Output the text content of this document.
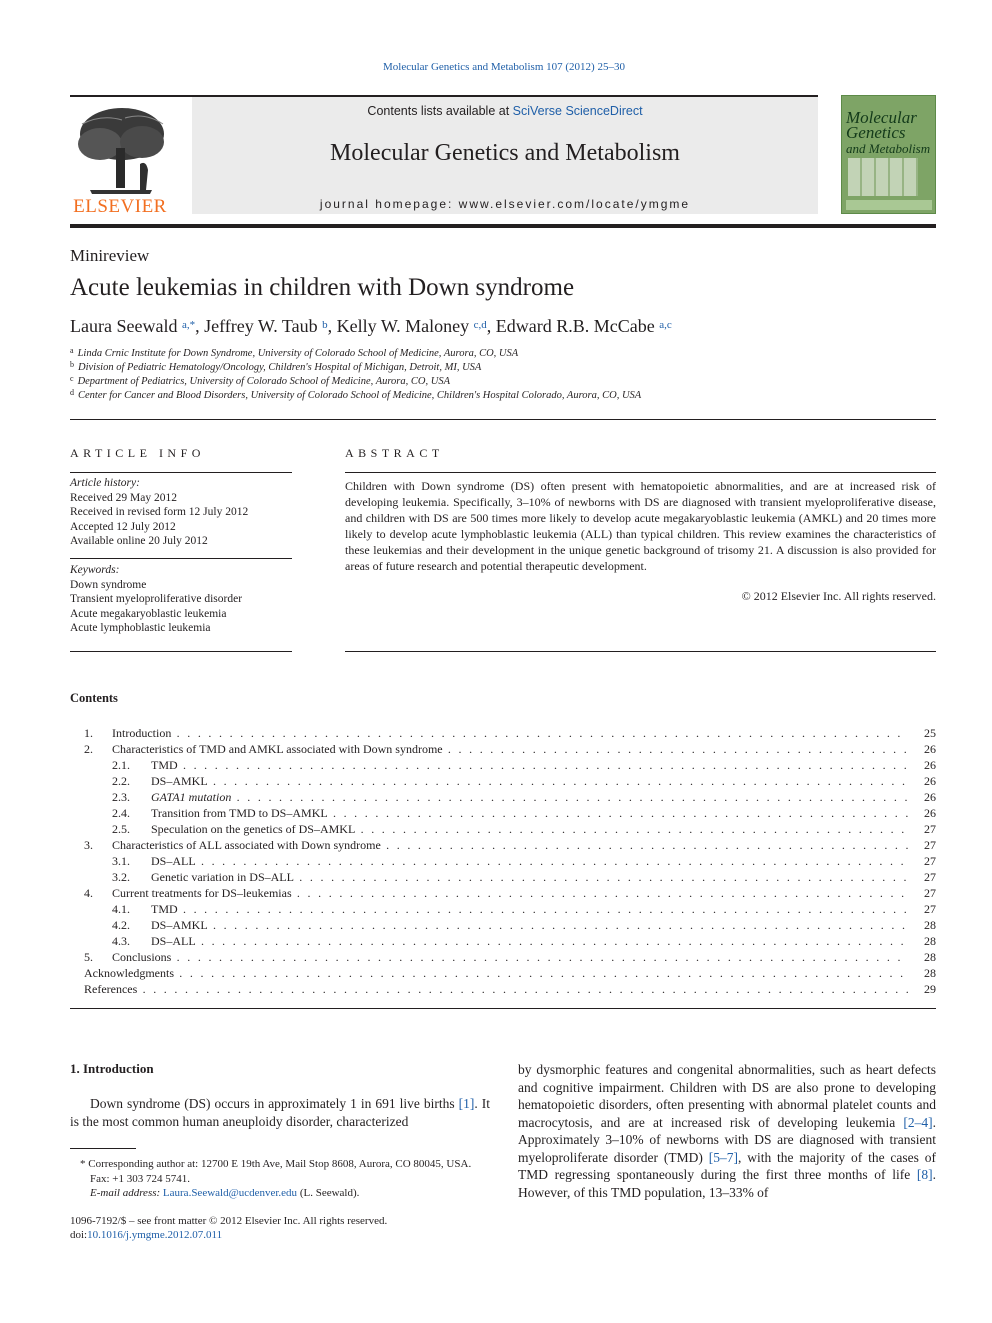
Molecular Genetics and Metabolism 107 (2012) 25–30
Contents lists available at SciVerse ScienceDirect
Molecular Genetics and Metabolism
journal homepage: www.elsevier.com/locate/ymgme
ELSEVIER
Molecular Genetics
and Metabolism
Minireview
Acute leukemias in children with Down syndrome
Laura Seewald $^{a,*}$, Jeffrey W. Taub $^b$, Kelly W. Maloney $^{c,d}$, Edward R.B. McCabe $^{a,c}$
$^a$ Linda Crnic Institute for Down Syndrome, University of Colorado School of Medicine, Aurora, CO, USA
$^b$ Division of Pediatric Hematology/Oncology, Children's Hospital of Michigan, Detroit, MI, USA
$^c$ Department of Pediatrics, University of Colorado School of Medicine, Aurora, CO, USA
$^d$ Center for Cancer and Blood Disorders, University of Colorado School of Medicine, Children's Hospital Colorado, Aurora, CO, USA
ARTICLE INFO
Article history:
Received 29 May 2012
Received in revised form 12 July 2012
Accepted 12 July 2012
Available online 20 July 2012
Keywords:
Down syndrome
Transient myeloproliferative disorder
Acute megakaryoblastic leukemia
Acute lymphoblastic leukemia
ABSTRACT
Children with Down syndrome (DS) often present with hematopoietic abnormalities, and are at increased risk of developing leukemia. Specifically, 3–10% of newborns with DS are diagnosed with transient myeloproliferative disease, and children with DS are 500 times more likely to develop acute megakaryoblastic leukemia (AMKL) and 20 times more likely to develop acute lymphoblastic leukemia (ALL) than typical children. This review examines the characteristics of these leukemias and their development in the unique genetic background of trisomy 21. A discussion is also provided for areas of future research and potential therapeutic development.
© 2012 Elsevier Inc. All rights reserved.
Contents
1. Introduction . . .	25
2. Characteristics of TMD and AMKL associated with Down syndrome . . .	26
2.1. TMD . . .	26
2.2. DS–AMKL . . .	26
2.3. GATA1 mutation . . .	26
2.4. Transition from TMD to DS–AMKL . . .	26
2.5. Speculation on the genetics of DS–AMKL . . .	27
3. Characteristics of ALL associated with Down syndrome . . .	27
3.1. DS–ALL . . .	27
3.2. Genetic variation in DS–ALL . . .	27
4. Current treatments for DS–leukemias . . .	27
4.1. TMD . . .	27
4.2. DS–AMKL . . .	28
4.3. DS–ALL . . .	28
5. Conclusions . . .	28
Acknowledgments . . .	28
References . . .	29
1. Introduction
Down syndrome (DS) occurs in approximately 1 in 691 live births [1]. It is the most common human aneuploidy disorder, characterized
by dysmorphic features and congenital abnormalities, such as heart defects and cognitive impairment. Children with DS are also prone to developing hematopoietic disorders, often presenting with abnormal platelet counts and macrocytosis, and are at increased risk of developing leukemia [2–4]. Approximately 3–10% of newborns with DS are diagnosed with transient myeloproliferate disorder (TMD) [5–7], with the majority of the cases of TMD regressing spontaneously during the first three months of life [8]. However, of this TMD population, 13–33% of
* Corresponding author at: 12700 E 19th Ave, Mail Stop 8608, Aurora, CO 80045, USA. Fax: +1 303 724 5741.
E-mail address: Laura.Seewald@ucdenver.edu (L. Seewald).
1096-7192/$ – see front matter © 2012 Elsevier Inc. All rights reserved.
doi:10.1016/j.ymgme.2012.07.011
